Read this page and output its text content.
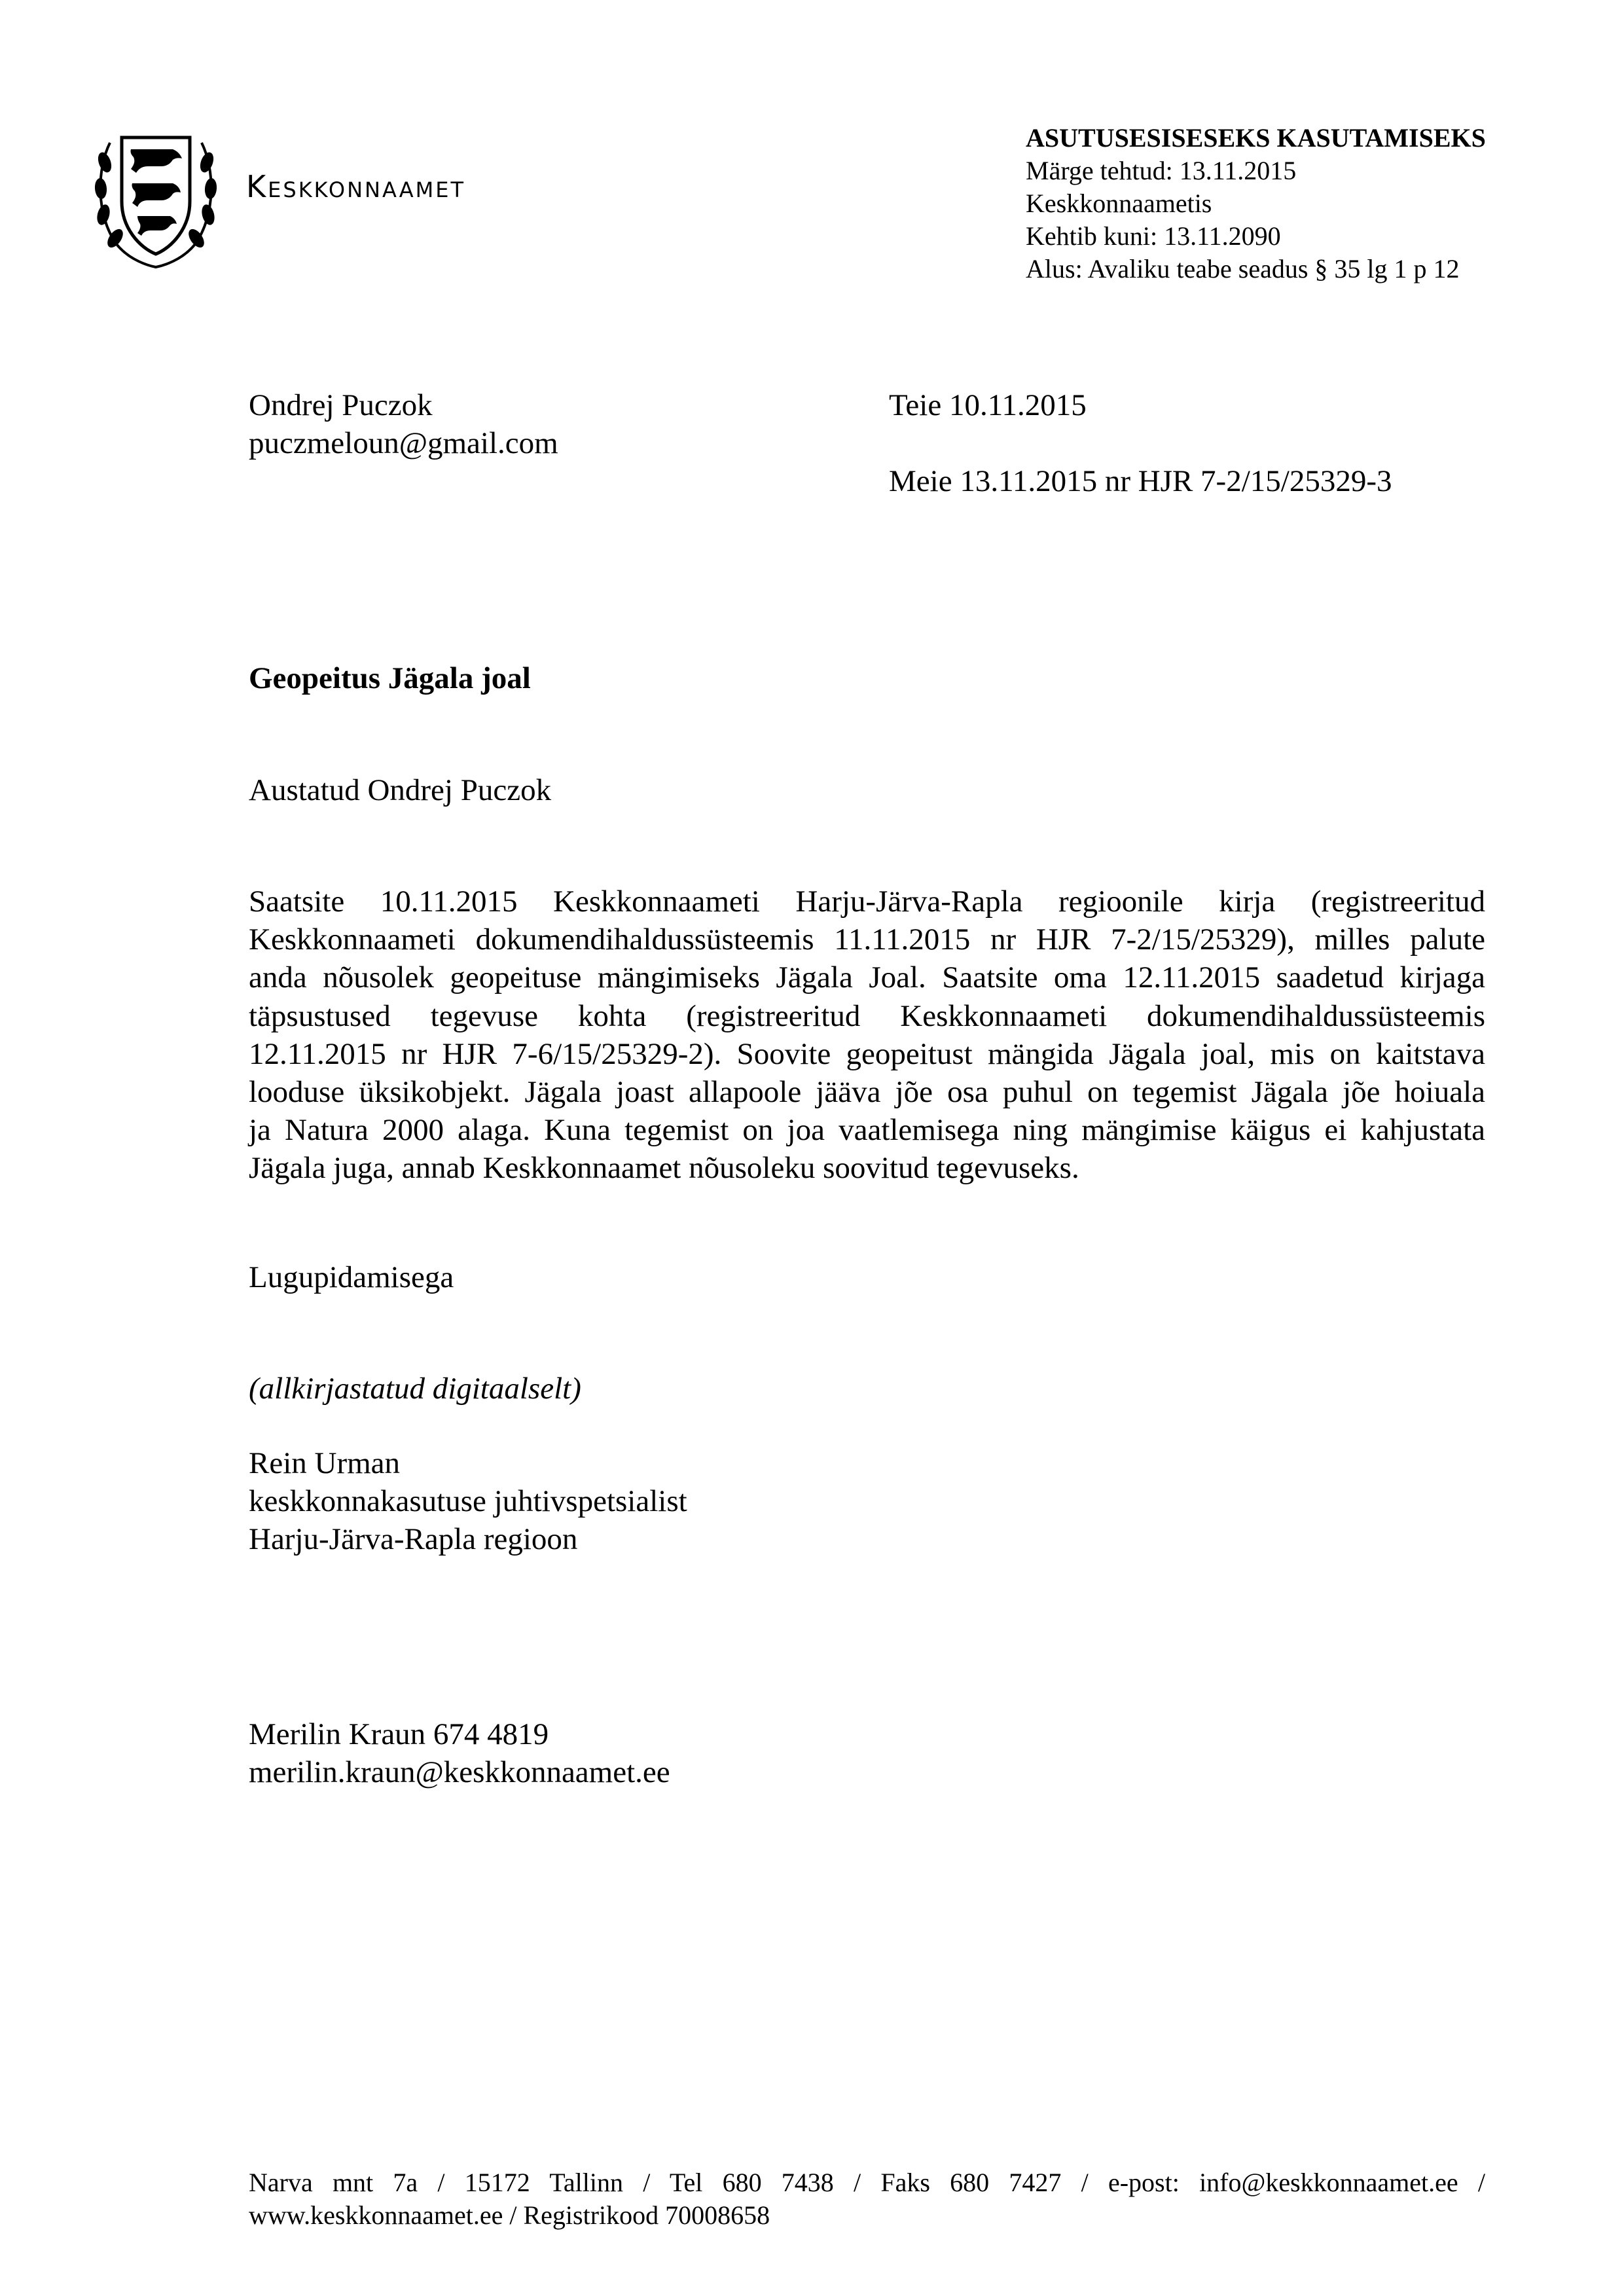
Keskkonnaamet
ASUTUSESISESEKS KASUTAMISEKS
Märge tehtud: 13.11.2015
Keskkonnaametis
Kehtib kuni: 13.11.2090
Alus: Avaliku teabe seadus § 35 lg 1 p 12
Ondrej Puczok
puczmeloun@gmail.com
Teie 10.11.2015
Meie 13.11.2015 nr HJR 7-2/15/25329-3
Geopeitus Jägala joal
Austatud Ondrej Puczok
Saatsite 10.11.2015 Keskkonnaameti Harju-Järva-Rapla regioonile kirja (registreeritud
Keskkonnaameti dokumendihaldussüsteemis 11.11.2015 nr HJR 7-2/15/25329), milles palute
anda nõusolek geopeituse mängimiseks Jägala Joal. Saatsite oma 12.11.2015 saadetud kirjaga
täpsustused tegevuse kohta (registreeritud Keskkonnaameti dokumendihaldussüsteemis
12.11.2015 nr HJR 7-6/15/25329-2). Soovite geopeitust mängida Jägala joal, mis on kaitstava
looduse üksikobjekt. Jägala joast allapoole jääva jõe osa puhul on tegemist Jägala jõe hoiuala
ja Natura 2000 alaga. Kuna tegemist on joa vaatlemisega ning mängimise käigus ei kahjustata
Jägala juga, annab Keskkonnaamet nõusoleku soovitud tegevuseks.
Lugupidamisega
(allkirjastatud digitaalselt)
Rein Urman
keskkonnakasutuse juhtivspetsialist
Harju-Järva-Rapla regioon
Merilin Kraun 674 4819
merilin.kraun@keskkonnaamet.ee
Narva mnt 7a / 15172 Tallinn / Tel 680 7438 / Faks 680 7427 / e-post: info@keskkonnaamet.ee /
www.keskkonnaamet.ee / Registrikood 70008658
